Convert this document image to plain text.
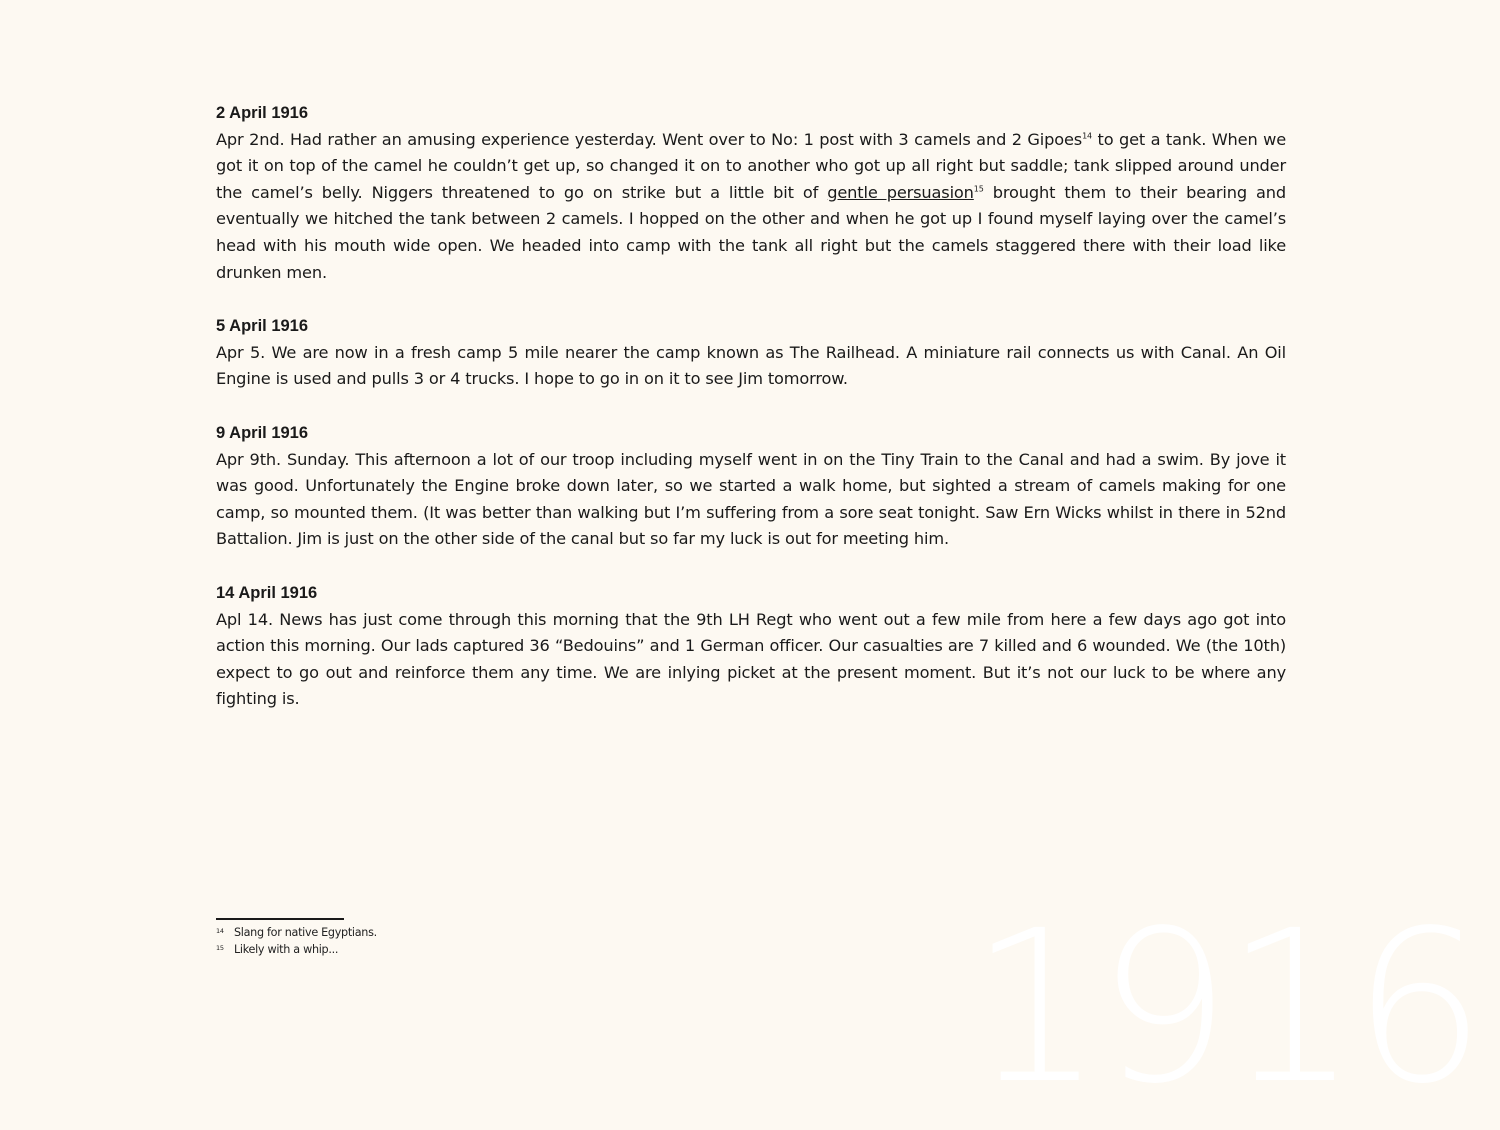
1916

2 April 1916

Apr 2nd. Had rather an amusing experience yesterday. Went over to No: 1 post with 3 camels and 2 Gipoes$^{14}$ to get a tank. When we got it on top of the camel he couldn’t get up, so changed it on to another who got up all right but saddle; tank slipped around under the camel’s belly. Niggers threatened to go on strike but a little bit of gentle persuasion$^{15}$ brought them to their bearing and eventually we hitched the tank between 2 camels. I hopped on the other and when he got up I found myself laying over the camel’s head with his mouth wide open. We headed into camp with the tank all right but the camels staggered there with their load like drunken men.

5 April 1916

Apr 5. We are now in a fresh camp 5 mile nearer the camp known as The Railhead. A miniature rail connects us with Canal. An Oil Engine is used and pulls 3 or 4 trucks. I hope to go in on it to see Jim tomorrow.

9 April 1916

Apr 9th. Sunday. This afternoon a lot of our troop including myself went in on the Tiny Train to the Canal and had a swim. By jove it was good. Unfortunately the Engine broke down later, so we started a walk home, but sighted a stream of camels making for one camp, so mounted them. (It was better than walking but I’m suffering from a sore seat tonight. Saw Ern Wicks whilst in there in 52nd Battalion. Jim is just on the other side of the canal but so far my luck is out for meeting him.

14 April 1916

Apl 14. News has just come through this morning that the 9th LH Regt who went out a few mile from here a few days ago got into action this morning. Our lads captured 36 “Bedouins” and 1 German officer. Our casualties are 7 killed and 6 wounded. We (the 10th) expect to go out and reinforce them any time. We are inlying picket at the present moment. But it’s not our luck to be where any fighting is.

14 Slang for native Egyptians.
15 Likely with a whip...
